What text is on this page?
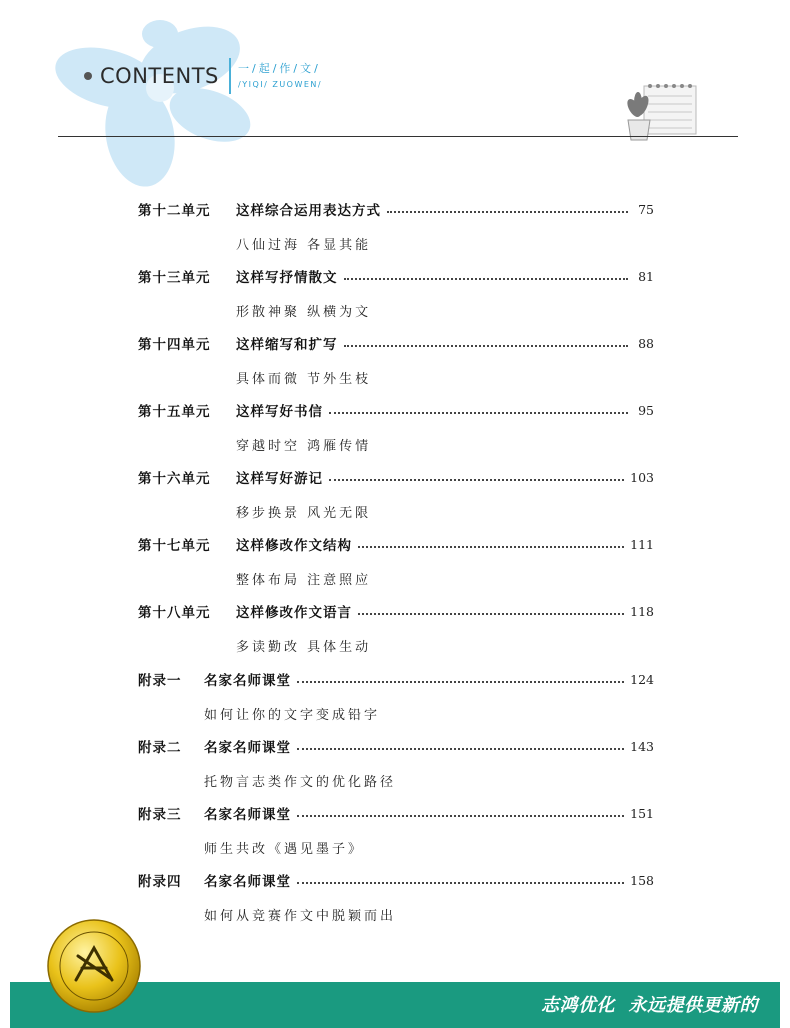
CONTENTS 一/起/作/文/
/YIQI/ ZUOWEN/
第十二单元	这样综合运用表达方式	75
八仙过海 各显其能
第十三单元	这样写抒情散文	81
形散神聚 纵横为文
第十四单元	这样缩写和扩写	88
具体而微 节外生枝
第十五单元	这样写好书信	95
穿越时空 鸿雁传情
第十六单元	这样写好游记	103
移步换景 风光无限
第十七单元	这样修改作文结构	111
整体布局 注意照应
第十八单元	这样修改作文语言	118
多读勤改 具体生动
附录一	名家名师课堂	124
如何让你的文字变成铅字
附录二	名家名师课堂	143
托物言志类作文的优化路径
附录三	名家名师课堂	151
师生共改《遇见墨子》
附录四	名家名师课堂	158
如何从竞赛作文中脱颖而出
志鸿优化  永远提供更新的
